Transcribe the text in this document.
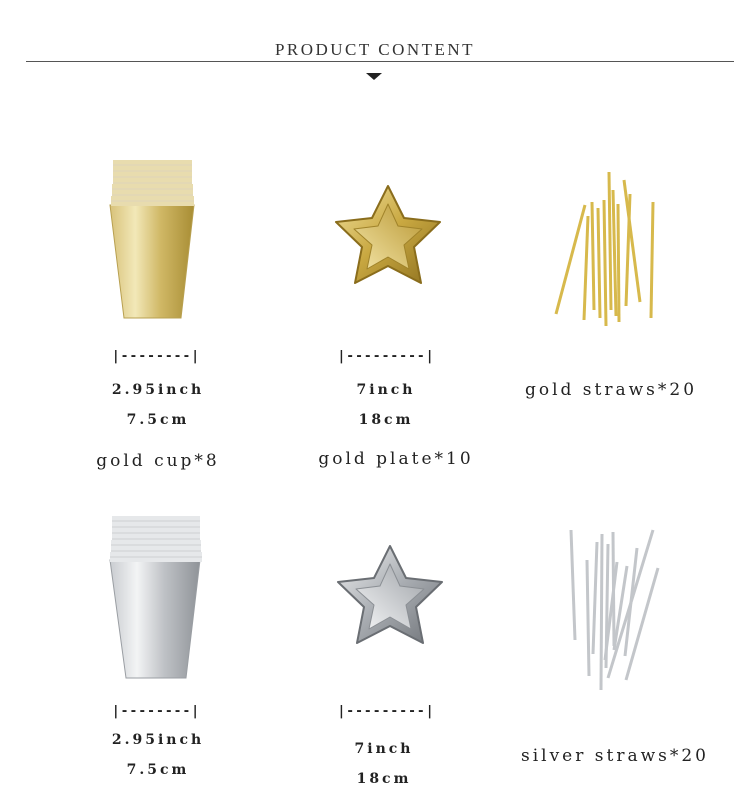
PRODUCT CONTENT
|--------|
2.95inch
7.5cm
gold cup*8
|---------|
7inch
18cm
gold plate*10
gold straws*20
|--------|
2.95inch
7.5cm
|---------|
7inch
18cm
silver straws*20
